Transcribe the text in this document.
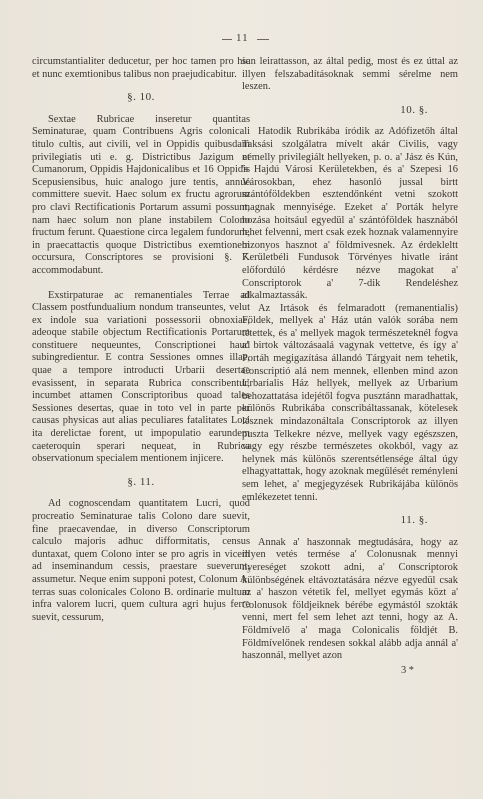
11

circumstantialiter deducetur, per hoc tamen pro hic et nunc exemtionibus talibus non praejudicabitur.

§. 10.

Sextae Rubricae inseretur quantitas Seminaturae, quam Contribuens Agris colonicali titulo cultis, aut civili, vel in Oppidis quibusdam privilegiatis uti e. g. Districtibus Jazigum et Cumanorum, Oppidis Hajdonicalibus et 16 Oppidis Scepusiensibus, huic analogo jure tentis, annue committere suevit. Haec solum ex fructu agrorum pro clavi Rectificationis Portarum assumi possunt, nam haec solum non plane instabilem Colono fructum ferunt. Quaestione circa legalem fundorum, in praecattactis quoque Districtibus exemtionem occursura, Conscriptores se provisioni §. 7. accommodabunt.

Exstirpaturae ac remanentiales Terrae ad Classem postfundualium nondum transeuntes, velut ex indole sua variationi possessorii obnoxiae, adeoque stabile objectum Rectificationis Portarum constituere nequeuntes, Conscriptionei haud subingredientur. E contra Sessiones omnes illae, quae a tempore introducti Urbarii desertae evasissent, in separata Rubrica conscribentur, incumbet attamen Conscriptoribus quoad tales Sessiones desertas, quae in toto vel in parte per causas physicas aut alias peculiares fatalitates Loci ita derelictae forent, ut impopulatio earundem caeteroquin sperari nequeat, in Rubrica observationum specialem mentionem injicere.

§. 11.

Ad cognoscendam quantitatem Lucri, quod procreatio Seminaturae talis Colono dare suevit, fine praecavendae, in diverso Conscriptorum calculo majoris adhuc difformitatis, census duntaxat, quem Colono inter se pro agris in vicem ad inseminandum cessis, praestare sueverunt, assumetur. Neque enim supponi potest, Colonum A. terras suas colonicales Colono B. ordinarie multum infra valorem lucri, quem cultura agri hujus ferre suevit, cessurum,

san leirattasson, az által pedig, most és ez úttal az illyen felszabadításoknak semmi sérelme nem leszen.

10. §.

Hatodik Rubrikába íródik az Adófizetőh által Taksási szolgálatra mívelt akár Civilis, vagy némelly privilegiált hellyeken, p. o. a' Jász és Kún, 's Hajdú Városi Kerületekben, és a' Szepesi 16 Városokban, ehez hasonló jussal birtt szántóföldekben esztendőnként vetni szokott magnak mennyisége. Ezeket a' Porták helyre hozása hoitsául egyedül a' szántóföldek hasznából lehet felvenni, mert csak ezek hoznak valamennyire bizonyos hasznot a' földmivesnek. Az érdekleltt Kerületbéli Fundusok Törvényes hivatle iránt előfordúló kérdésre nézve magokat a' Conscriptorok a' 7-dik Rendeléshez alkalmaztassák.

Az Irtások és felmaradott (remanentialis) Földek, mellyek a' Ház után valók sorába nem tétettek, és a' mellyek magok természeteknél fogva a' birtok változásaalá vagynak vettetve, és így a' Portáh megigazítása állandó Tárgyait nem tehetik, Conscriptió alá nem mennek, ellenben mind azon Urbarialis Ház hellyek, mellyek az Urbarium behozattatása idejétől fogva pusztánn maradhattak, különös Rubrikába conscribáltassanak, kötelesek lésznek mindazonáltala Conscriptorok az illyen puszta Telkekre nézve, mellyek vagy egészszen, vagy egy részbe természetes okokból, vagy az helynek más különös szerentsétlensége által úgy elhagyattattak, hogy azoknak megűlését reményleni sem lehet, a' megjegyzések Rubrikájába különös emlékezetet tenni.

11. §.

Annak a' haszonnak megtudására, hogy az illyen vetés termése a' Colonusnak mennyi nyereséget szokott adni, a' Conscriptorok különbségének eltávoztatására nézve egyedül csak az a' haszon vétetik fel, mellyet egymás közt a' Colonusok földjeiknek bérébe egymástól szokták venni, mert fel sem lehet azt tenni, hogy az A. Földmívelő a' maga Colonicalis földjét B. Földmívelőnek rendesen sokkal alább adja annál a' haszonnál, mellyet azon

3 *
